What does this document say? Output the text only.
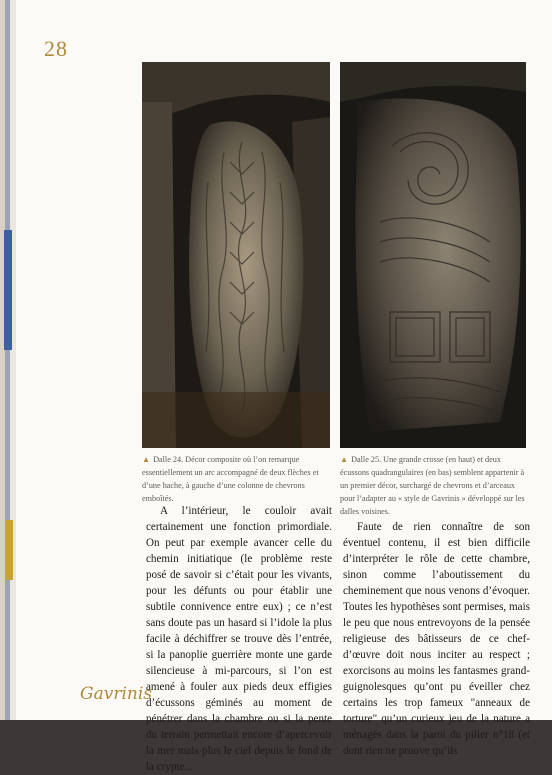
28
▲ Dalle 24. Décor composite où l’on remarque essentiellement un arc accompagné de deux flèches et d’une hache, à gauche d’une colonne de chevrons emboîtés.
▲ Dalle 25. Une grande crosse (en haut) et deux écussons quadrangulaires (en bas) semblent appartenir à un premier décor, surchargé de chevrons et d’arceaux pour l’adapter au « style de Gavrinis » développé sur les dalles voisines.

A l’intérieur, le couloir avait certainement une fonction primordiale. On peut par exemple avancer celle du chemin initiatique (le problème reste posé de savoir si c’était pour les vivants, pour les défunts ou pour établir une subtile connivence entre eux) ; ce n’est sans doute pas un hasard si l’idole la plus facile à déchiffrer se trouve dès l’entrée, si la panoplie guerrière monte une garde silencieuse à mi-parcours, si l’on est amené à fouler aux pieds deux effigies d’écussons géminés au moment de pénétrer dans la chambre ou si la pente du terrain permettait encore d’apercevoir la mer mais plus le ciel depuis le fond de la crypte...

Faute de rien connaître de son éventuel contenu, il est bien difficile d’interpréter le rôle de cette chambre, sinon comme l’aboutissement du cheminement que nous venons d’évoquer. Toutes les hypothèses sont permises, mais le peu que nous entrevoyons de la pensée religieuse des bâtisseurs de ce chef-d’œuvre doit nous inciter au respect ; exorcisons au moins les fantasmes grand-guignolesques qu’ont pu éveiller chez certains les trop fameux "anneaux de torture" qu’un curieux jeu de la nature a ménagés dans la paroi du pilier n°18 (et dont rien ne prouve qu’ils

Gavrinis
